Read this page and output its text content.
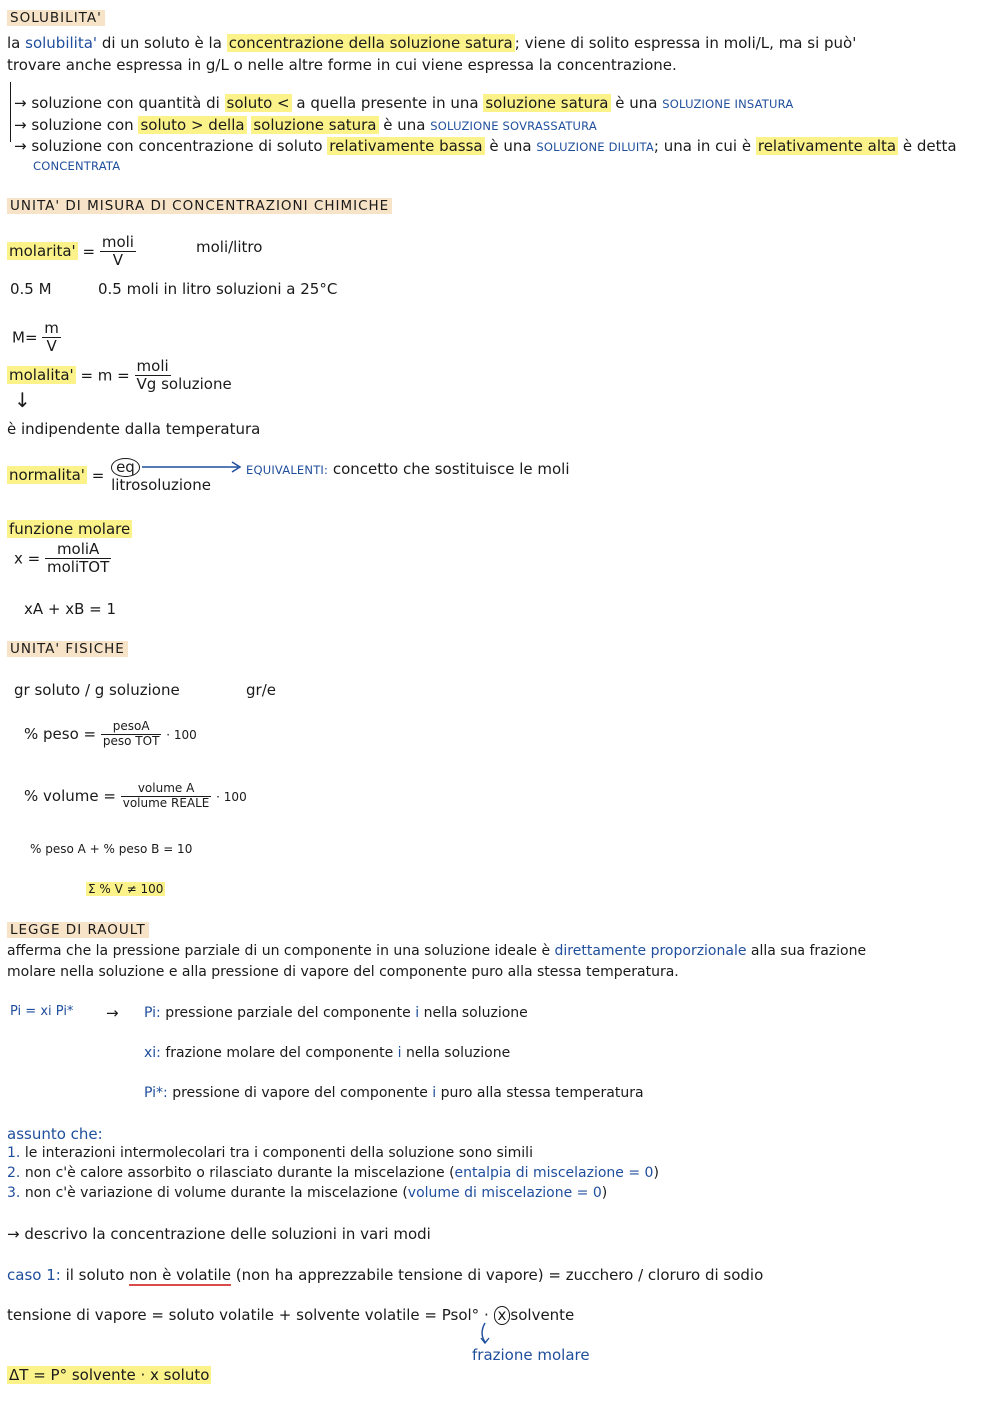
SOLUBILITA'
la solubilita' di un soluto è la concentrazione della soluzione satura ; viene di solito espressa in moli/L, ma si può'
trovare anche espressa in g/L o nelle altre forme in cui viene espressa la concentrazione.
→ soluzione con quantità di soluto < a quella presente in una soluzione satura è una SOLUZIONE INSATURA
→ soluzione con soluto > della soluzione satura è una SOLUZIONE SOVRASSATURA
→ soluzione con concentrazione di soluto relativamente bassa è una SOLUZIONE DILUITA; una in cui è relativamente alta è detta
CONCENTRATA
UNITA' DI MISURA DI CONCENTRAZIONI CHIMICHE
molarita' = $\frac{\text{moli}}{V}$	moli/litro
0.5 M	0.5 moli in litro soluzioni a 25°C
$M= \frac{m}{V}$
molalita' = $m = \frac{\text{moli}}{\text{Vg soluzione}}$
↓
è indipendente dalla temperatura
normalita' = eq
litrosoluzione
EQUIVALENTI: concetto che sostituisce le moli
funzione molare
$x = \frac{\text{moliA}}{\text{moliTOT}}$
xA + xB = 1
UNITA' FISICHE
gr soluto / g soluzione	gr/e
% peso = $\frac{\text{pesoA}}{\text{peso TOT}} \cdot 100$
% volume = $\frac{\text{volume A}}{\text{volume REALE}} \cdot 100$
% peso A + % peso B = 10
Σ % V ≠ 100
LEGGE DI RAOULT
afferma che la pressione parziale di un componente in una soluzione ideale è direttamente proporzionale alla sua frazione
molare nella soluzione e alla pressione di vapore del componente puro alla stessa temperatura.
Pi = xi Pi* → Pi: pressione parziale del componente i nella soluzione
xi: frazione molare del componente i nella soluzione
Pi*: pressione di vapore del componente i puro alla stessa temperatura
assunto che:
1. le interazioni intermolecolari tra i componenti della soluzione sono simili
2. non c'è calore assorbito o rilasciato durante la miscelazione (entalpia di miscelazione = 0)
3. non c'è variazione di volume durante la miscelazione (volume di miscelazione = 0)
→ descrivo la concentrazione delle soluzioni in vari modi
caso 1: il soluto non è volatile (non ha apprezzabile tensione di vapore) = zucchero / cloruro di sodio
tensione di vapore = soluto volatile + solvente volatile = Psol° · x solvente
frazione molare
ΔT = P° solvente · x soluto
